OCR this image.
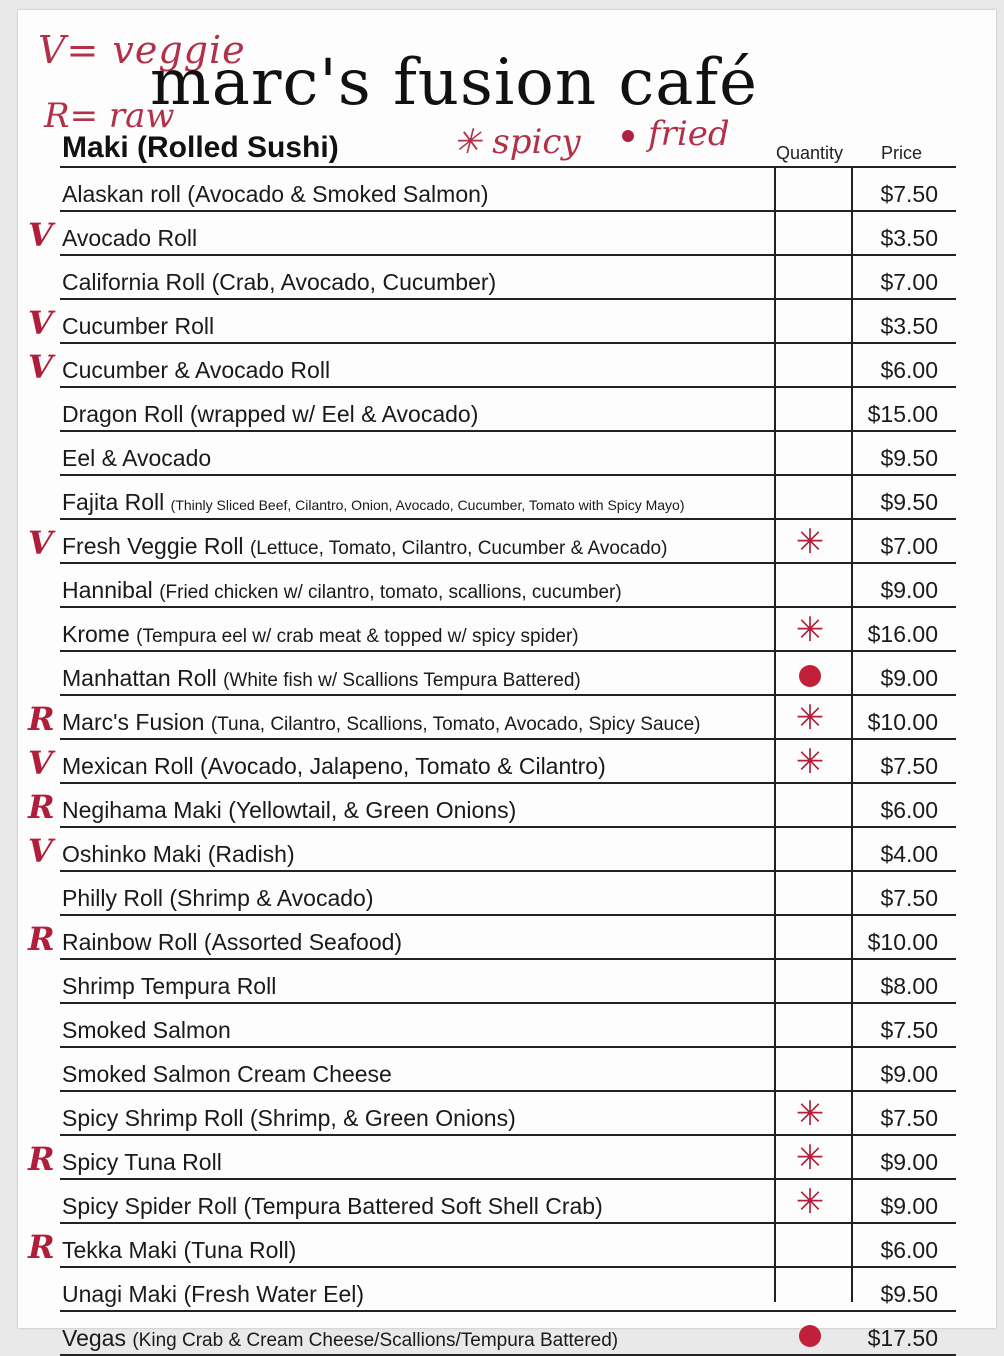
V= veggie
R= raw
marc's fusion café
Maki (Rolled Sushi)	✳ spicy	fried	Quantity Price
Alaskan roll (Avocado & Smoked Salmon)	$7.50
V Avocado Roll	$3.50
California Roll (Crab, Avocado, Cucumber)	$7.00
V Cucumber Roll	$3.50
V Cucumber & Avocado Roll	$6.00
Dragon Roll (wrapped w/ Eel & Avocado)	$15.00
Eel & Avocado	$9.50
Fajita Roll (Thinly Sliced Beef, Cilantro, Onion, Avocado, Cucumber, Tomato with Spicy Mayo)	$9.50
V Fresh Veggie Roll (Lettuce, Tomato, Cilantro, Cucumber & Avocado)	✳	$7.00
Hannibal (Fried chicken w/ cilantro, tomato, scallions, cucumber)	$9.00
Krome (Tempura eel w/ crab meat & topped w/ spicy spider)	✳	$16.00
Manhattan Roll (White fish w/ Scallions Tempura Battered)	$9.00
R Marc's Fusion (Tuna, Cilantro, Scallions, Tomato, Avocado, Spicy Sauce)	✳	$10.00
V Mexican Roll (Avocado, Jalapeno, Tomato & Cilantro)	✳	$7.50
R Negihama Maki (Yellowtail, & Green Onions)	$6.00
V Oshinko Maki (Radish)	$4.00
Philly Roll (Shrimp & Avocado)	$7.50
R Rainbow Roll (Assorted Seafood)	$10.00
Shrimp Tempura Roll	$8.00
Smoked Salmon	$7.50
Smoked Salmon Cream Cheese	$9.00
Spicy Shrimp Roll (Shrimp, & Green Onions)	✳	$7.50
R Spicy Tuna Roll	✳	$9.00
Spicy Spider Roll (Tempura Battered Soft Shell Crab)	✳	$9.00
R Tekka Maki (Tuna Roll)	$6.00
Unagi Maki (Fresh Water Eel)	$9.50
Vegas (King Crab & Cream Cheese/Scallions/Tempura Battered)	$17.50
